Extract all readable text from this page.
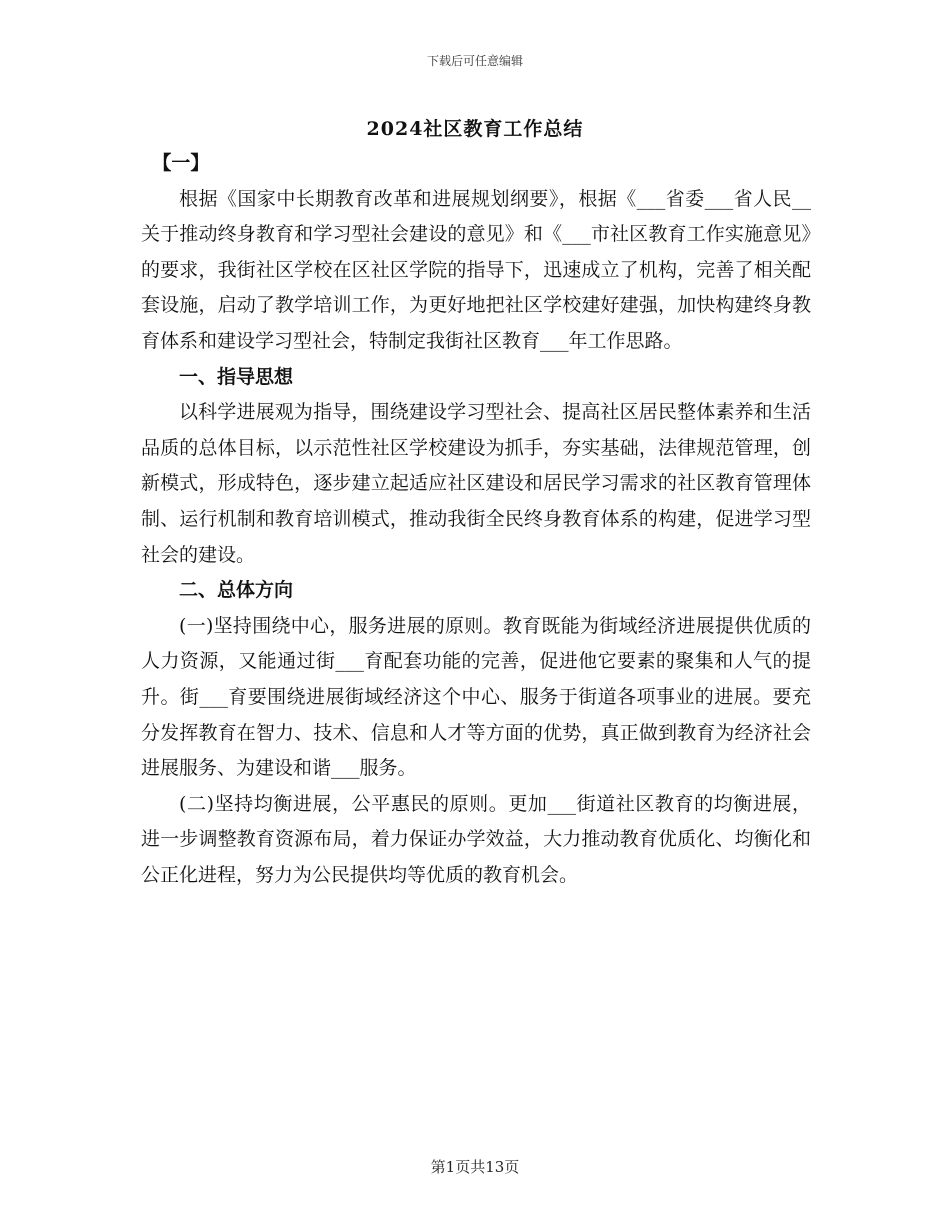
下载后可任意编辑
2024社区教育工作总结

【一】

根据《国家中长期教育改革和进展规划纲要》，根据《___省委___省人民__关于推动终身教育和学习型社会建设的意见》和《___市社区教育工作实施意见》的要求，我街社区学校在区社区学院的指导下，迅速成立了机构，完善了相关配套设施，启动了教学培训工作，为更好地把社区学校建好建强，加快构建终身教育体系和建设学习型社会，特制定我街社区教育___年工作思路。

一、指导思想

以科学进展观为指导，围绕建设学习型社会、提高社区居民整体素养和生活品质的总体目标，以示范性社区学校建设为抓手，夯实基础，法律规范管理，创新模式，形成特色，逐步建立起适应社区建设和居民学习需求的社区教育管理体制、运行机制和教育培训模式，推动我街全民终身教育体系的构建，促进学习型社会的建设。

二、总体方向

(一)坚持围绕中心，服务进展的原则。教育既能为街域经济进展提供优质的人力资源，又能通过街___育配套功能的完善，促进他它要素的聚集和人气的提升。街___育要围绕进展街域经济这个中心、服务于街道各项事业的进展。要充分发挥教育在智力、技术、信息和人才等方面的优势，真正做到教育为经济社会进展服务、为建设和谐___服务。

(二)坚持均衡进展，公平惠民的原则。更加___街道社区教育的均衡进展，进一步调整教育资源布局，着力保证办学效益，大力推动教育优质化、均衡化和公正化进程，努力为公民提供均等优质的教育机会。

第1页共13页
